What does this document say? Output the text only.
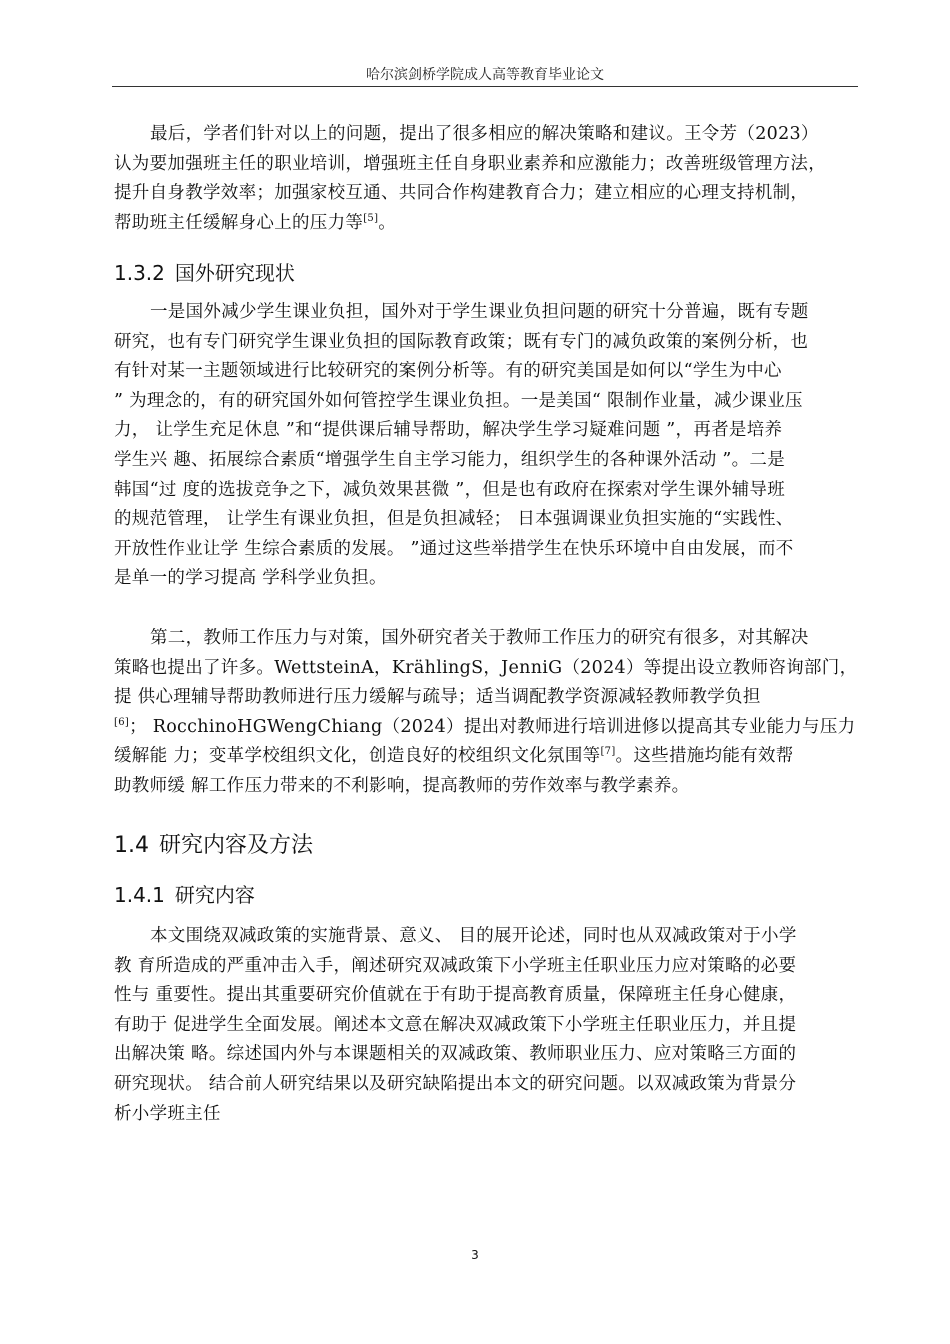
哈尔滨剑桥学院成人高等教育毕业论文
最后，学者们针对以上的问题，提出了很多相应的解决策略和建议。王令芳（2023）
认为要加强班主任的职业培训，增强班主任自身职业素养和应激能力；改善班级管理方法，
提升自身教学效率；加强家校互通、共同合作构建教育合力；建立相应的心理支持机制，
帮助班主任缓解身心上的压力等[5]。
1.3.2 国外研究现状
一是国外减少学生课业负担，国外对于学生课业负担问题的研究十分普遍，既有专题
研究，也有专门研究学生课业负担的国际教育政策；既有专门的减负政策的案例分析，也
有针对某一主题领域进行比较研究的案例分析等。有的研究美国是如何以“学生为中心
” 为理念的，有的研究国外如何管控学生课业负担。一是美国“ 限制作业量，减少课业压
力， 让学生充足休息 ”和“提供课后辅导帮助，解决学生学习疑难问题 ”，再者是培养
学生兴 趣、拓展综合素质“增强学生自主学习能力，组织学生的各种课外活动 ”。二是
韩国“过 度的选拔竞争之下，减负效果甚微 ”，但是也有政府在探索对学生课外辅导班
的规范管理， 让学生有课业负担，但是负担减轻； 日本强调课业负担实施的“实践性、
开放性作业让学 生综合素质的发展。 ”通过这些举措学生在快乐环境中自由发展，而不
是单一的学习提高 学科学业负担。
第二，教师工作压力与对策，国外研究者关于教师工作压力的研究有很多，对其解决
策略也提出了许多。WettsteinA，KrählingS，JenniG（2024）等提出设立教师咨询部门，
提 供心理辅导帮助教师进行压力缓解与疏导；适当调配教学资源减轻教师教学负担
[6]； RocchinoHGWengChiang（2024）提出对教师进行培训进修以提高其专业能力与压力
缓解能 力；变革学校组织文化，创造良好的校组织文化氛围等[7]。这些措施均能有效帮
助教师缓 解工作压力带来的不利影响，提高教师的劳作效率与教学素养。
1.4 研究内容及方法
1.4.1 研究内容
本文围绕双减政策的实施背景、意义、 目的展开论述，同时也从双减政策对于小学
教 育所造成的严重冲击入手，阐述研究双减政策下小学班主任职业压力应对策略的必要
性与 重要性。提出其重要研究价值就在于有助于提高教育质量，保障班主任身心健康，
有助于 促进学生全面发展。阐述本文意在解决双减政策下小学班主任职业压力，并且提
出解决策 略。综述国内外与本课题相关的双减政策、教师职业压力、应对策略三方面的
研究现状。 结合前人研究结果以及研究缺陷提出本文的研究问题。以双减政策为背景分
析小学班主任
3
